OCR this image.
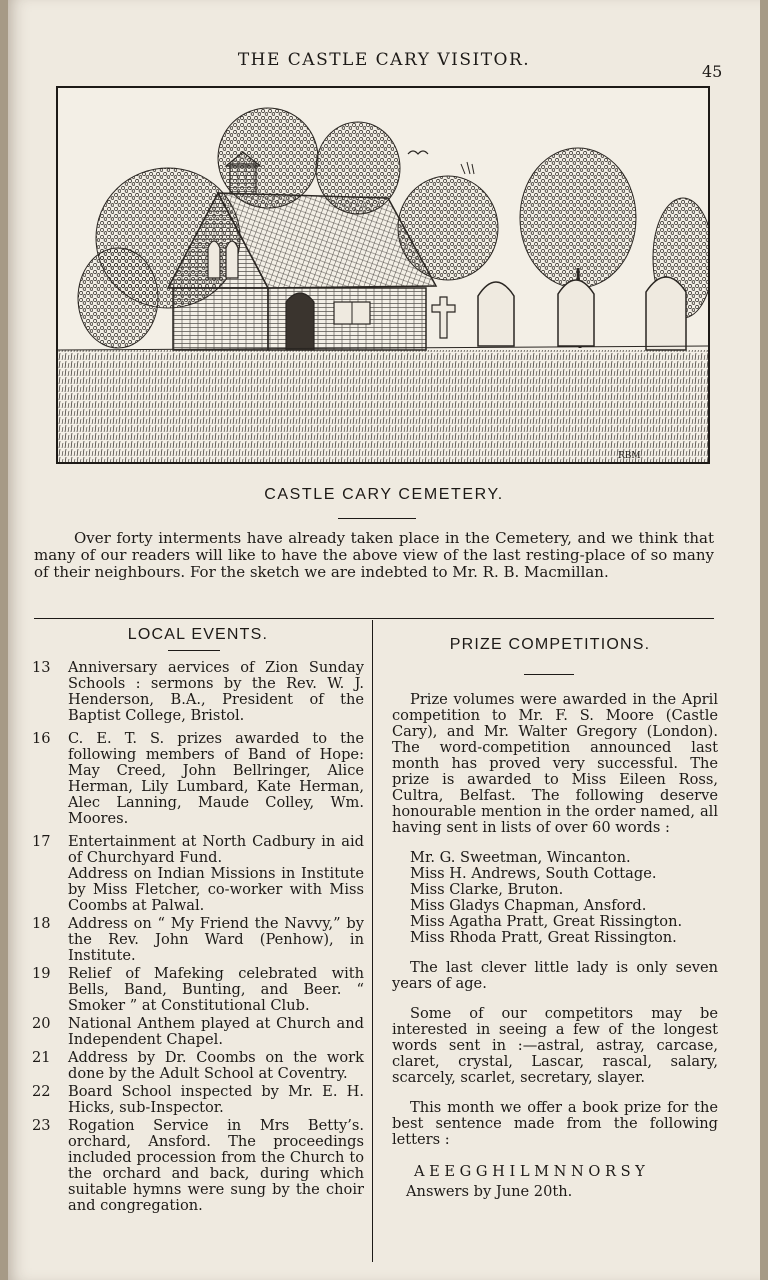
THE CASTLE CARY VISITOR.
45
RBM
CASTLE CARY CEMETERY.

Over forty interments have already taken place in the Cemetery, and we think that many of our readers will like to have the above view of the last resting-place of so many of their neighbours. For the sketch we are indebted to Mr. R. B. Macmillan.

LOCAL EVENTS.
13	Anniversary aervices of Zion Sunday Schools : sermons by the Rev. W. J. Henderson, B.A., President of the Baptist College, Bristol.

16	C. E. T. S. prizes awarded to the following members of Band of Hope: May Creed, John Bellringer, Alice Herman, Lily Lumbard, Kate Herman, Alec Lanning, Maude Colley, Wm. Moores.

17	Entertainment at North Cadbury in aid of Churchyard Fund.

Address on Indian Missions in Institute by Miss Fletcher, co-worker with Miss Coombs at Palwal.

18	Address on “ My Friend the Navvy,” by the Rev. John Ward (Penhow), in Institute.

19	Relief of Mafeking celebrated with Bells, Band, Bunting, and Beer. “ Smoker ” at Constitutional Club.

20	National Anthem played at Church and Independent Chapel.

21	Address by Dr. Coombs on the work done by the Adult School at Coventry.

22	Board School inspected by Mr. E. H. Hicks, sub-Inspector.

23	Rogation Service in Mrs Betty’s. orchard, Ansford. The proceedings included procession from the Church to the orchard and back, during which suitable hymns were sung by the choir and congregation.

PRIZE COMPETITIONS.

Prize volumes were awarded in the April competition to Mr. F. S. Moore (Castle Cary), and Mr. Walter Gregory (London). The word-competition announced last month has proved very successful. The prize is awarded to Miss Eileen Ross, Cultra, Belfast. The following deserve honourable mention in the order named, all having sent in lists of over 60 words :

Mr. G. Sweetman, Wincanton.
Miss H. Andrews, South Cottage.
Miss Clarke, Bruton.
Miss Gladys Chapman, Ansford.
Miss Agatha Pratt, Great Rissington.
Miss Rhoda Pratt, Great Rissington.

The last clever little lady is only seven years of age.

Some of our competitors may be interested in seeing a few of the longest words sent in :—astral, astray, carcase, claret, crystal, Lascar, rascal, salary, scarcely, scarlet, secretary, slayer.

This month we offer a book prize for the best sentence made from the following letters :

AEEGGHILMNNORSY

Answers by June 20th.
